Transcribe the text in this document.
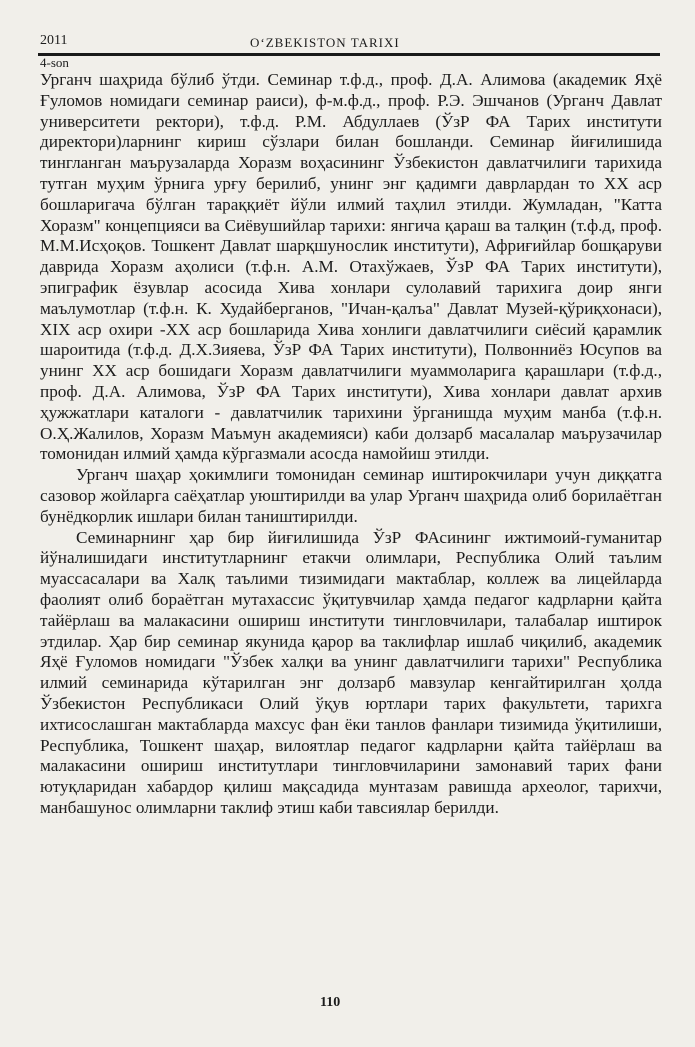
2011	O‘ZBEKISTON TARIXI
4-son

Урганч шаҳрида бўлиб ўтди. Семинар т.ф.д., проф. Д.А. Алимова (академик Яҳё Ғуломов номидаги семинар раиси), ф-м.ф.д., проф. Р.Э. Эшчанов (Урганч Давлат университети ректори), т.ф.д. Р.М. Абдуллаев (ЎзР ФА Тарих институти директори)ларнинг кириш сўзлари билан бошланди. Семинар йиғилишида тингланган маърузаларда Хоразм воҳасининг Ўзбекистон давлатчилиги тарихида тутган муҳим ўрнига урғу берилиб, унинг энг қадимги даврлардан то XX аср бошларигача бўлган тараққиёт йўли илмий таҳлил этилди. Жумладан, "Катта Хоразм" концепцияси ва Сиёвушийлар тарихи: янгича қараш ва талқин (т.ф.д, проф. М.М.Исҳоқов. Тошкент Давлат шарқшунослик институти), Африғийлар бошқаруви даврида Хоразм аҳолиси (т.ф.н. А.М. Отахўжаев, ЎзР ФА Тарих институти), эпиграфик ёзувлар асосида Хива хонлари сулолавий тарихига доир янги маълумотлар (т.ф.н. К. Худайберганов, "Ичан-қалъа" Давлат Музей-қўриқхонаси), XIX аср охири -XX аср бошларида Хива хонлиги давлатчилиги сиёсий қарамлик шароитида (т.ф.д. Д.Х.Зияева, ЎзР ФА Тарих институти), Полвонниёз Юсупов ва унинг XX аср бошидаги Хоразм давлатчилиги муаммоларига қарашлари (т.ф.д., проф. Д.А. Алимова, ЎзР ФА Тарих институти), Хива хонлари давлат архив ҳужжатлари каталоги - давлатчилик тарихини ўрганишда муҳим манба (т.ф.н. О.Ҳ.Жалилов, Хоразм Маъмун академияси) каби долзарб масалалар маърузачилар томонидан илмий ҳамда кўргазмали асосда намойиш этилди.

Урганч шаҳар ҳокимлиги томонидан семинар иштирокчилари учун диққатга сазовор жойларга саёҳатлар уюштирилди ва улар Урганч шаҳрида олиб борилаётган бунёдкорлик ишлари билан таништирилди.

Семинарнинг ҳар бир йиғилишида ЎзР ФАсининг ижтимоий-гуманитар йўналишидаги институтларнинг етакчи олимлари, Республика Олий таълим муассасалари ва Халқ таълими тизимидаги мактаблар, коллеж ва лицейларда фаолият олиб бораётган мутахассис ўқитувчилар ҳамда педагог кадрларни қайта тайёрлаш ва малакасини ошириш институти тингловчилари, талабалар иштирок этдилар. Ҳар бир семинар якунида қарор ва таклифлар ишлаб чиқилиб, академик Яҳё Ғуломов номидаги "Ўзбек халқи ва унинг давлатчилиги тарихи" Республика илмий семинарида кўтарилган энг долзарб мавзулар кенгайтирилган ҳолда Ўзбекистон Республикаси Олий ўқув юртлари тарих факультети, тарихга ихтисослашган мактабларда махсус фан ёки танлов фанлари тизимида ўқитилиши, Республика, Тошкент шаҳар, вилоятлар педагог кадрларни қайта тайёрлаш ва малакасини ошириш институтлари тингловчиларини замонавий тарих фани ютуқларидан хабардор қилиш мақсадида мунтазам равишда археолог, тарихчи, манбашунос олимларни таклиф этиш каби тавсиялар берилди.

110
